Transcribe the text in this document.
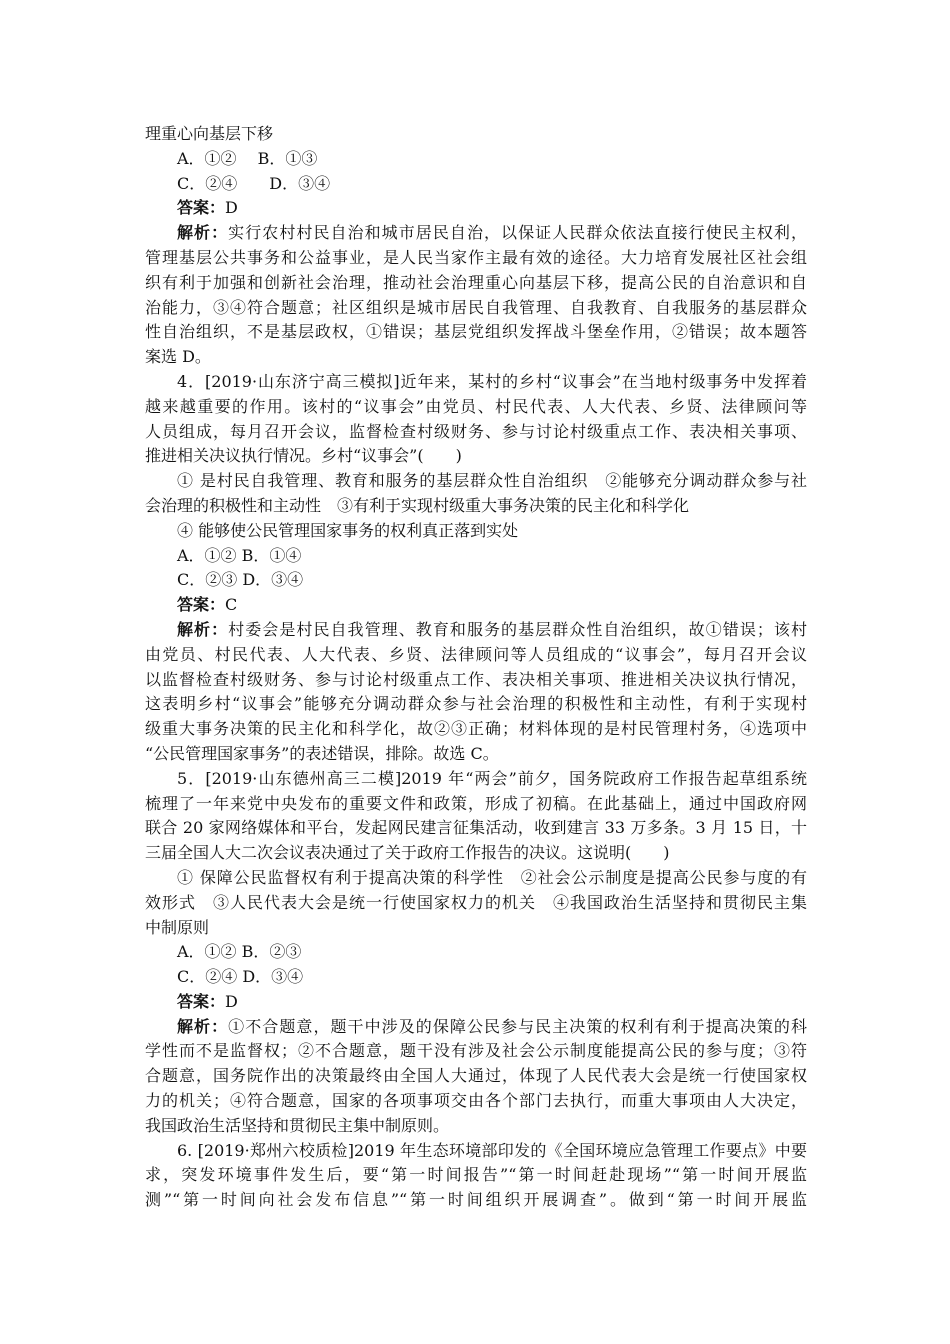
理重心向基层下移
A．①②　 B．①③
C．②④　　D．③④
答案：D
解析：实行农村村民自治和城市居民自治，以保证人民群众依法直接行使民主权利，
管理基层公共事务和公益事业，是人民当家作主最有效的途径。大力培育发展社区社会组
织有利于加强和创新社会治理，推动社会治理重心向基层下移，提高公民的自治意识和自
治能力，③④符合题意；社区组织是城市居民自我管理、自我教育、自我服务的基层群众
性自治组织，不是基层政权，①错误；基层党组织发挥战斗堡垒作用，②错误；故本题答
案选 D。
4．[2019·山东济宁高三模拟]近年来，某村的乡村“议事会”在当地村级事务中发挥着
越来越重要的作用。该村的“议事会”由党员、村民代表、人大代表、乡贤、法律顾问等
人员组成，每月召开会议，监督检查村级财务、参与讨论村级重点工作、表决相关事项、
推进相关决议执行情况。乡村“议事会”(　　)
① 是村民自我管理、教育和服务的基层群众性自治组织　②能够充分调动群众参与社
会治理的积极性和主动性　③有利于实现村级重大事务决策的民主化和科学化
④ 能够使公民管理国家事务的权利真正落到实处
A．①② B．①④
C．②③ D．③④
答案：C
解析：村委会是村民自我管理、教育和服务的基层群众性自治组织，故①错误；该村
由党员、村民代表、人大代表、乡贤、法律顾问等人员组成的“议事会”，每月召开会议
以监督检查村级财务、参与讨论村级重点工作、表决相关事项、推进相关决议执行情况，
这表明乡村“议事会”能够充分调动群众参与社会治理的积极性和主动性，有利于实现村
级重大事务决策的民主化和科学化，故②③正确；材料体现的是村民管理村务，④选项中
“公民管理国家事务”的表述错误，排除。故选 C。
5．[2019·山东德州高三二模]2019 年“两会”前夕，国务院政府工作报告起草组系统
梳理了一年来党中央发布的重要文件和政策，形成了初稿。在此基础上，通过中国政府网
联合 20 家网络媒体和平台，发起网民建言征集活动，收到建言 33 万多条。3 月 15 日，十
三届全国人大二次会议表决通过了关于政府工作报告的决议。这说明(　　)
① 保障公民监督权有利于提高决策的科学性　②社会公示制度是提高公民参与度的有
效形式　③人民代表大会是统一行使国家权力的机关　④我国政治生活坚持和贯彻民主集
中制原则
A．①② B．②③
C．②④ D．③④
答案：D
解析：①不合题意，题干中涉及的保障公民参与民主决策的权利有利于提高决策的科
学性而不是监督权；②不合题意，题干没有涉及社会公示制度能提高公民的参与度；③符
合题意，国务院作出的决策最终由全国人大通过，体现了人民代表大会是统一行使国家权
力的机关；④符合题意，国家的各项事项交由各个部门去执行，而重大事项由人大决定，
我国政治生活坚持和贯彻民主集中制原则。
6. [2019·郑州六校质检]2019 年生态环境部印发的《全国环境应急管理工作要点》中要
求，突发环境事件发生后，要“第一时间报告”“第一时间赶赴现场”“第一时间开展监
测”“第一时间向社会发布信息”“第一时间组织开展调查”。做到“第一时间开展监
